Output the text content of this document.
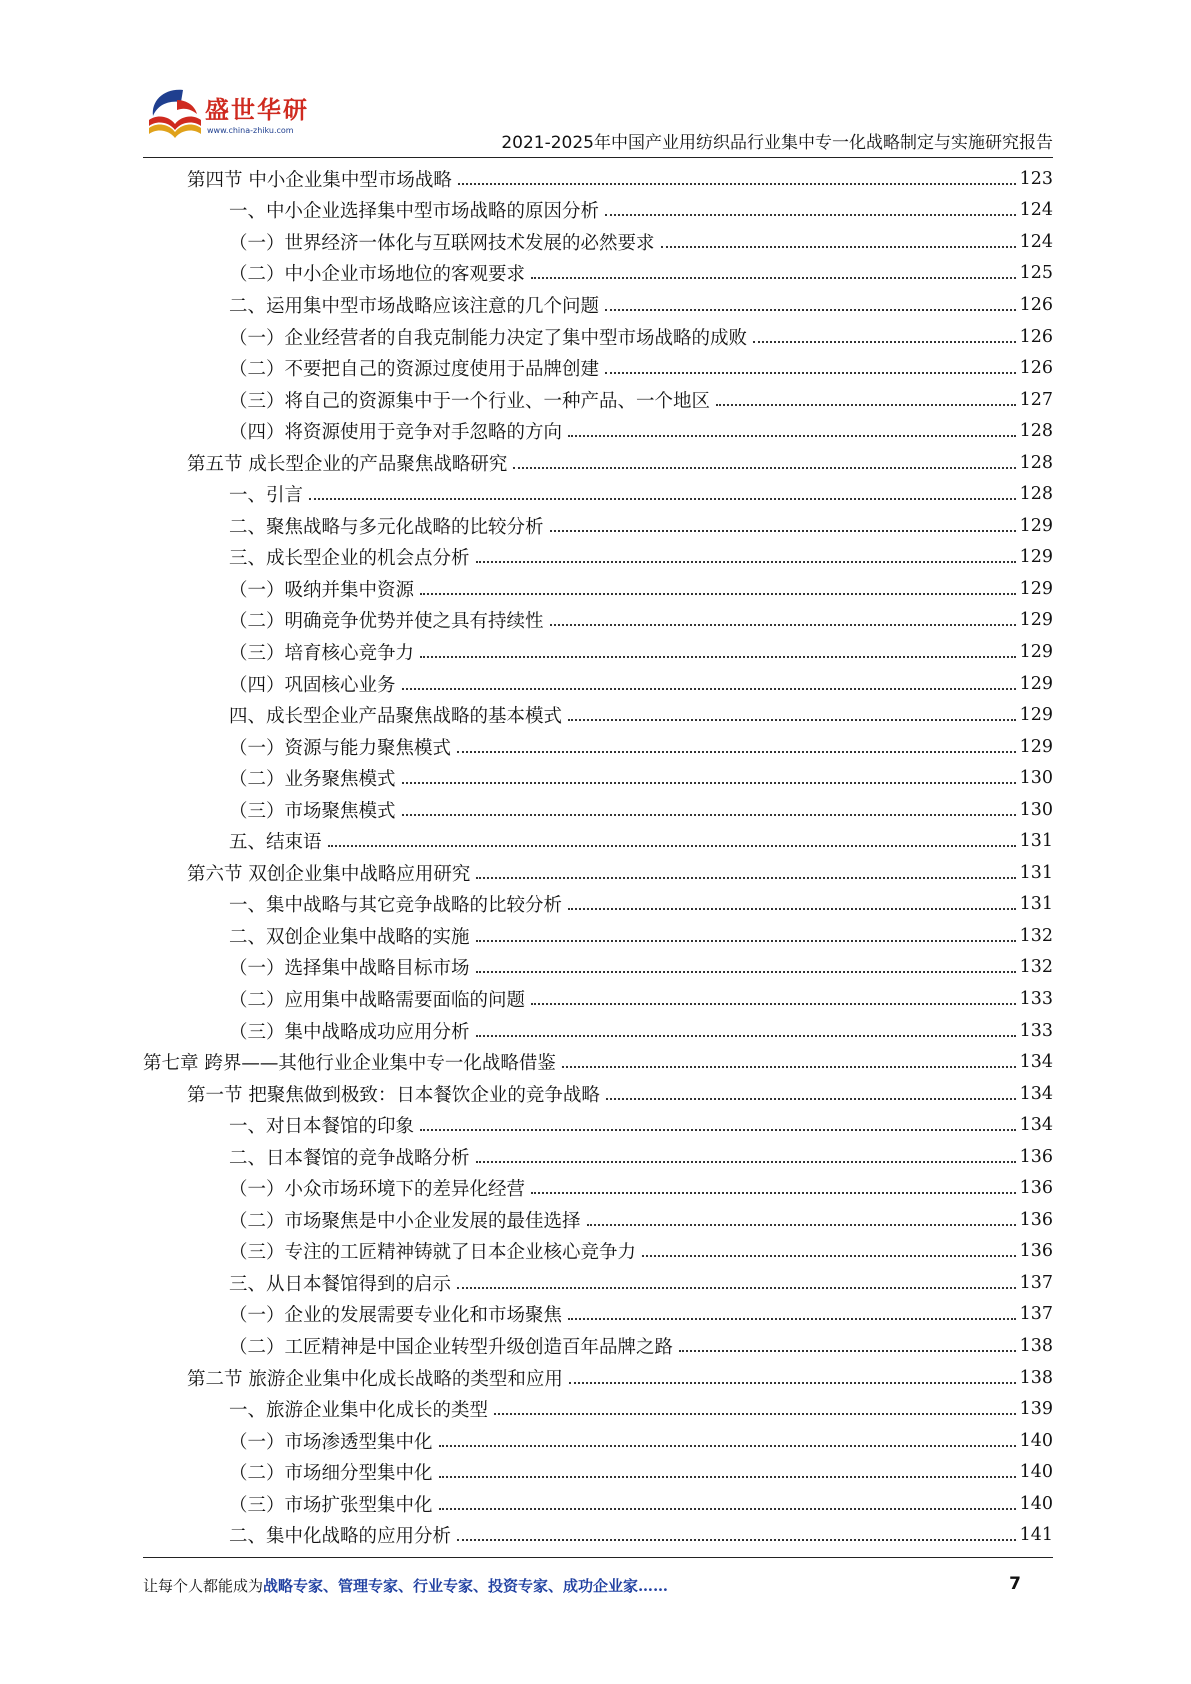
盛世华研
www.china-zhiku.com
2021-2025年中国产业用纺织品行业集中专一化战略制定与实施研究报告
第四节 中小企业集中型市场战略	123
一、中小企业选择集中型市场战略的原因分析	124
（一）世界经济一体化与互联网技术发展的必然要求	124
（二）中小企业市场地位的客观要求	125
二、运用集中型市场战略应该注意的几个问题	126
（一）企业经营者的自我克制能力决定了集中型市场战略的成败	126
（二）不要把自己的资源过度使用于品牌创建	126
（三）将自己的资源集中于一个行业、一种产品、一个地区	127
（四）将资源使用于竞争对手忽略的方向	128
第五节 成长型企业的产品聚焦战略研究	128
一、引言	128
二、聚焦战略与多元化战略的比较分析	129
三、成长型企业的机会点分析	129
（一）吸纳并集中资源	129
（二）明确竞争优势并使之具有持续性	129
（三）培育核心竞争力	129
（四）巩固核心业务	129
四、成长型企业产品聚焦战略的基本模式	129
（一）资源与能力聚焦模式	129
（二）业务聚焦模式	130
（三）市场聚焦模式	130
五、结束语	131
第六节 双创企业集中战略应用研究	131
一、集中战略与其它竞争战略的比较分析	131
二、双创企业集中战略的实施	132
（一）选择集中战略目标市场	132
（二）应用集中战略需要面临的问题	133
（三）集中战略成功应用分析	133
第七章 跨界——其他行业企业集中专一化战略借鉴	134
第一节 把聚焦做到极致：日本餐饮企业的竞争战略	134
一、对日本餐馆的印象	134
二、日本餐馆的竞争战略分析	136
（一）小众市场环境下的差异化经营	136
（二）市场聚焦是中小企业发展的最佳选择	136
（三）专注的工匠精神铸就了日本企业核心竞争力	136
三、从日本餐馆得到的启示	137
（一）企业的发展需要专业化和市场聚焦	137
（二）工匠精神是中国企业转型升级创造百年品牌之路	138
第二节 旅游企业集中化成长战略的类型和应用	138
一、旅游企业集中化成长的类型	139
（一）市场渗透型集中化	140
（二）市场细分型集中化	140
（三）市场扩张型集中化	140
二、集中化战略的应用分析	141
让每个人都能成为战略专家、管理专家、行业专家、投资专家、成功企业家……	7
